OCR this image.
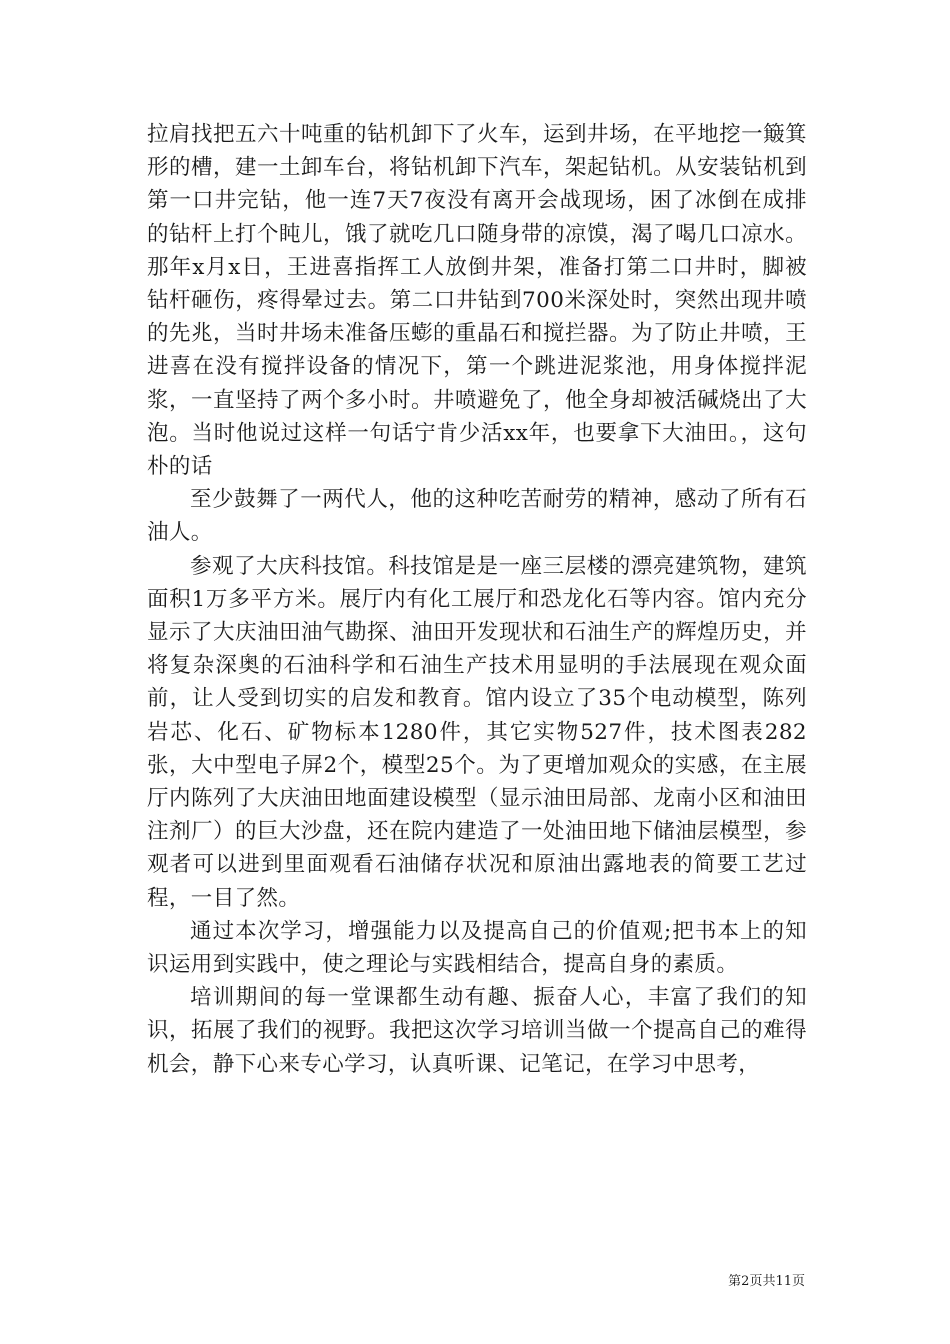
拉肩找把五六十吨重的钻机卸下了火车，运到井场，在平地挖一簸箕形的槽，建一土卸车台，将钻机卸下汽车，架起钻机。从安装钻机到第一口井完钻，他一连7天7夜没有离开会战现场，困了冰倒在成排的钻杆上打个盹儿，饿了就吃几口随身带的凉馍，渴了喝几口凉水。那年x月x日，王进喜指挥工人放倒井架，准备打第二口井时，脚被钻杆砸伤，疼得晕过去。第二口井钻到700米深处时，突然出现井喷的先兆，当时井场未准备压蟛的重晶石和搅拦器。为了防止井喷，王进喜在没有搅拌设备的情况下，第一个跳进泥浆池，用身体搅拌泥浆，一直坚持了两个多小时。井喷避免了，他全身却被活碱烧出了大泡。当时他说过这样一句话宁肯少活xx年，也要拿下大油田。，这句朴的话

至少鼓舞了一两代人，他的这种吃苦耐劳的精神，感动了所有石油人。

参观了大庆科技馆。科技馆是是一座三层楼的漂亮建筑物，建筑面积1万多平方米。展厅内有化工展厅和恐龙化石等内容。馆内充分显示了大庆油田油气勘探、油田开发现状和石油生产的辉煌历史，并将复杂深奥的石油科学和石油生产技术用显明的手法展现在观众面前，让人受到切实的启发和教育。馆内设立了35个电动模型，陈列岩芯、化石、矿物标本1280件，其它实物527件，技术图表282张，大中型电子屏2个，模型25个。为了更增加观众的实感，在主展厅内陈列了大庆油田地面建设模型（显示油田局部、龙南小区和油田注剂厂）的巨大沙盘，还在院内建造了一处油田地下储油层模型，参观者可以进到里面观看石油储存状况和原油出露地表的简要工艺过程，一目了然。

通过本次学习，增强能力以及提高自己的价值观;把书本上的知识运用到实践中，使之理论与实践相结合，提高自身的素质。

培训期间的每一堂课都生动有趣、振奋人心，丰富了我们的知识，拓展了我们的视野。我把这次学习培训当做一个提高自己的难得机会，静下心来专心学习，认真听课、记笔记，在学习中思考，

第2页共11页
